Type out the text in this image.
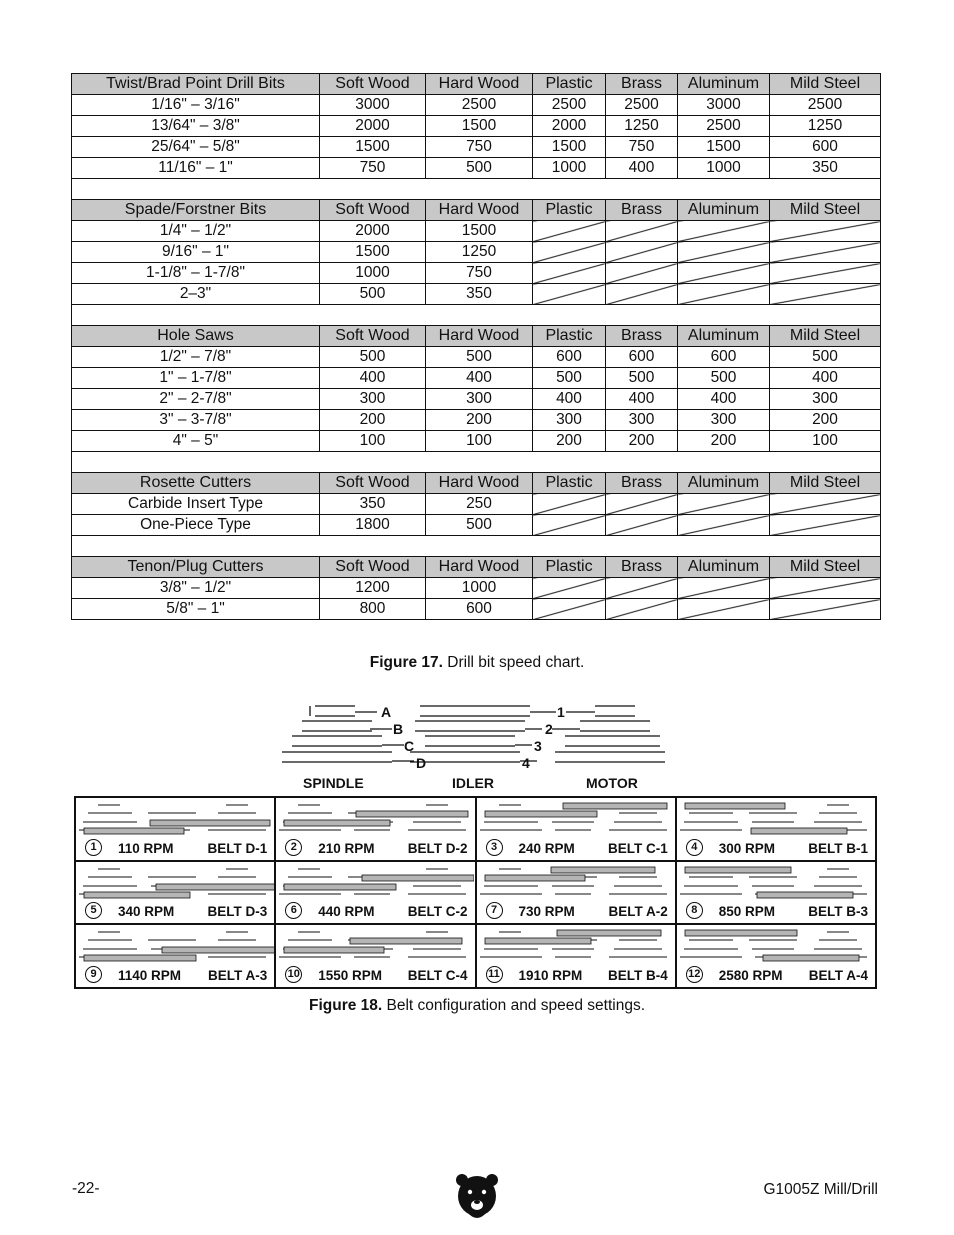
Twist/Brad Point Drill Bits	Soft Wood	Hard Wood	Plastic	Brass	Aluminum	Mild Steel
1/16" – 3/16"	3000	2500	2500	2500	3000	2500
13/64" – 3/8"	2000	1500	2000	1250	2500	1250
25/64" – 5/8"	1500	750	1500	750	1500	600
11/16" – 1"	750	500	1000	400	1000	350

Spade/Forstner Bits	Soft Wood	Hard Wood	Plastic	Brass	Aluminum	Mild Steel
1/4" – 1/2"	2000	1500				
9/16" – 1"	1500	1250				
1-1/8" – 1-7/8"	1000	750				
2–3"	500	350				

Hole Saws	Soft Wood	Hard Wood	Plastic	Brass	Aluminum	Mild Steel
1/2" – 7/8"	500	500	600	600	600	500
1" – 1-7/8"	400	400	500	500	500	400
2" – 2-7/8"	300	300	400	400	400	300
3" – 3-7/8"	200	200	300	300	300	200
4" – 5"	100	100	200	200	200	100

Rosette Cutters	Soft Wood	Hard Wood	Plastic	Brass	Aluminum	Mild Steel
Carbide Insert Type	350	250				
One-Piece Type	1800	500				

Tenon/Plug Cutters	Soft Wood	Hard Wood	Plastic	Brass	Aluminum	Mild Steel
3/8" – 1/2"	1200	1000				
5/8" – 1"	800	600				
Figure 17. Drill bit speed chart.
A
B
C
D
1
2
3
4
SPINDLE	IDLER	MOTOR
1	110 RPM	BELT D-1	2	210 RPM BELT D-2	3	240 RPM BELT C-1	4	300 RPM BELT B-1
5	340 RPM BELT D-3	6	440 RPM BELT C-2	7	730 RPM BELT A-2	8	850 RPM BELT B-3
9	1140 RPM BELT A-3 10 1550 RPM BELT C-4 11 1910 RPM BELT B-4 12 2580 RPM BELT A-4
Figure 18. Belt configuration and speed settings.
-22-	G1005Z Mill/Drill
